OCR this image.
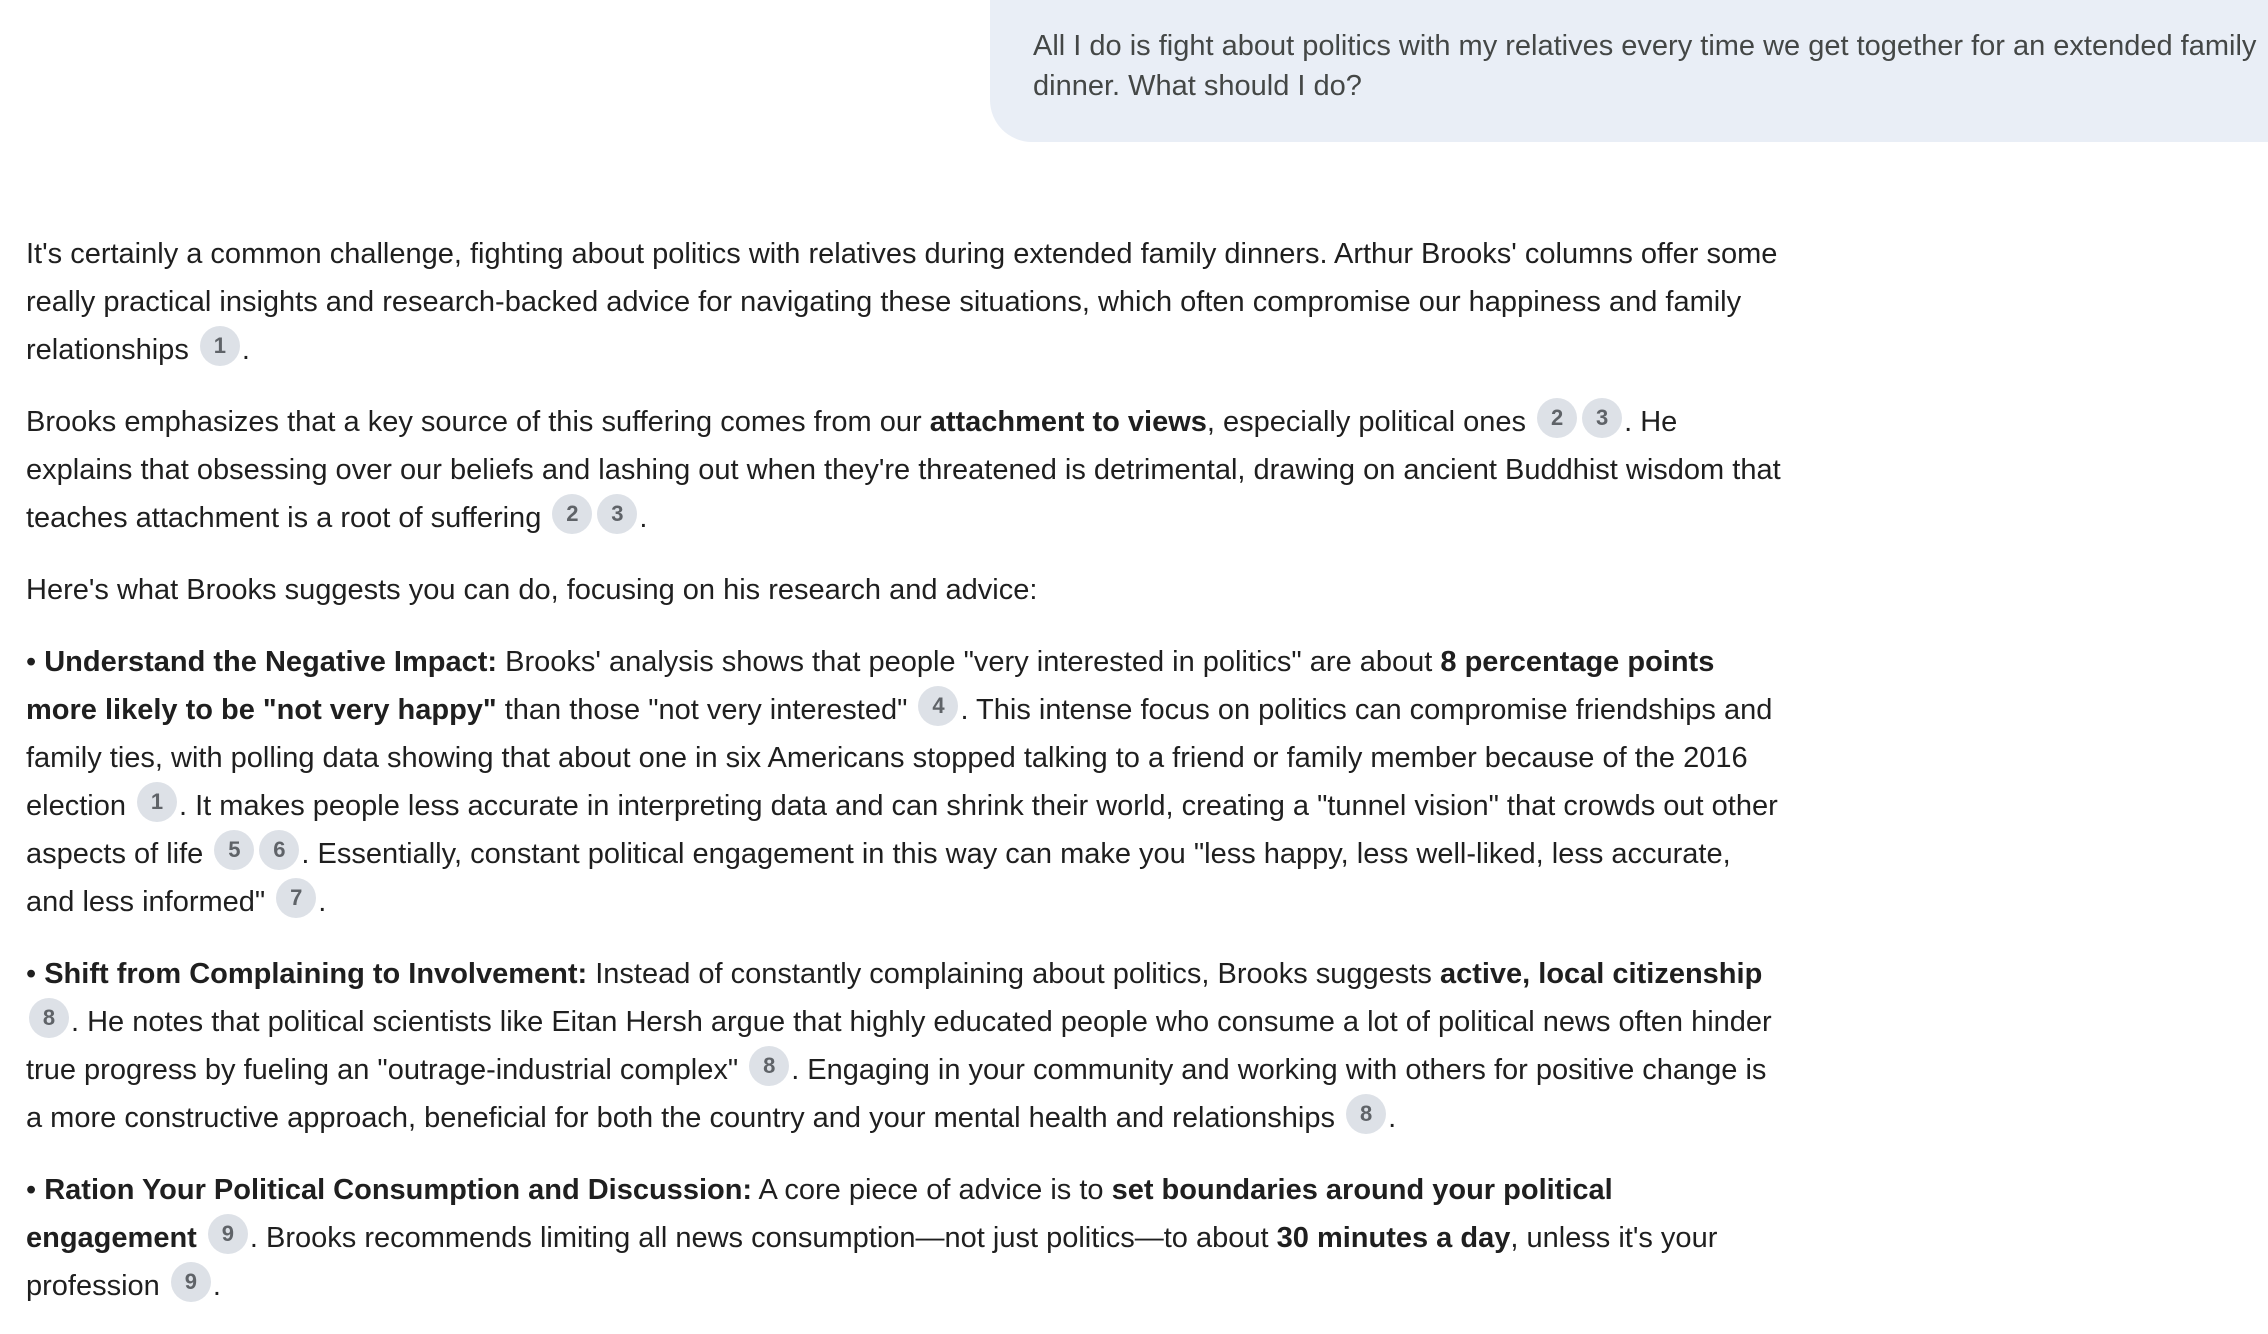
All I do is fight about politics with my relatives every time we get together for an extended family dinner. What should I do?

It's certainly a common challenge, fighting about politics with relatives during extended family dinners. Arthur Brooks' columns offer some really practical insights and research-backed advice for navigating these situations, which often compromise our happiness and family relationships 1 .

Brooks emphasizes that a key source of this suffering comes from our attachment to views, especially political ones 2 3 . He explains that obsessing over our beliefs and lashing out when they're threatened is detrimental, drawing on ancient Buddhist wisdom that teaches attachment is a root of suffering 2 3 .

Here's what Brooks suggests you can do, focusing on his research and advice:

• Understand the Negative Impact: Brooks' analysis shows that people "very interested in politics" are about 8 percentage points more likely to be "not very happy" than those "not very interested" 4 . This intense focus on politics can compromise friendships and family ties, with polling data showing that about one in six Americans stopped talking to a friend or family member because of the 2016 election 1 . It makes people less accurate in interpreting data and can shrink their world, creating a "tunnel vision" that crowds out other aspects of life 5 6 . Essentially, constant political engagement in this way can make you "less happy, less well-liked, less accurate, and less informed" 7 .

• Shift from Complaining to Involvement: Instead of constantly complaining about politics, Brooks suggests active, local citizenship 8 . He notes that political scientists like Eitan Hersh argue that highly educated people who consume a lot of political news often hinder true progress by fueling an "outrage-industrial complex" 8 . Engaging in your community and working with others for positive change is a more constructive approach, beneficial for both the country and your mental health and relationships 8 .

• Ration Your Political Consumption and Discussion: A core piece of advice is to set boundaries around your political engagement 9 . Brooks recommends limiting all news consumption—not just politics—to about 30 minutes a day, unless it's your profession 9 .
